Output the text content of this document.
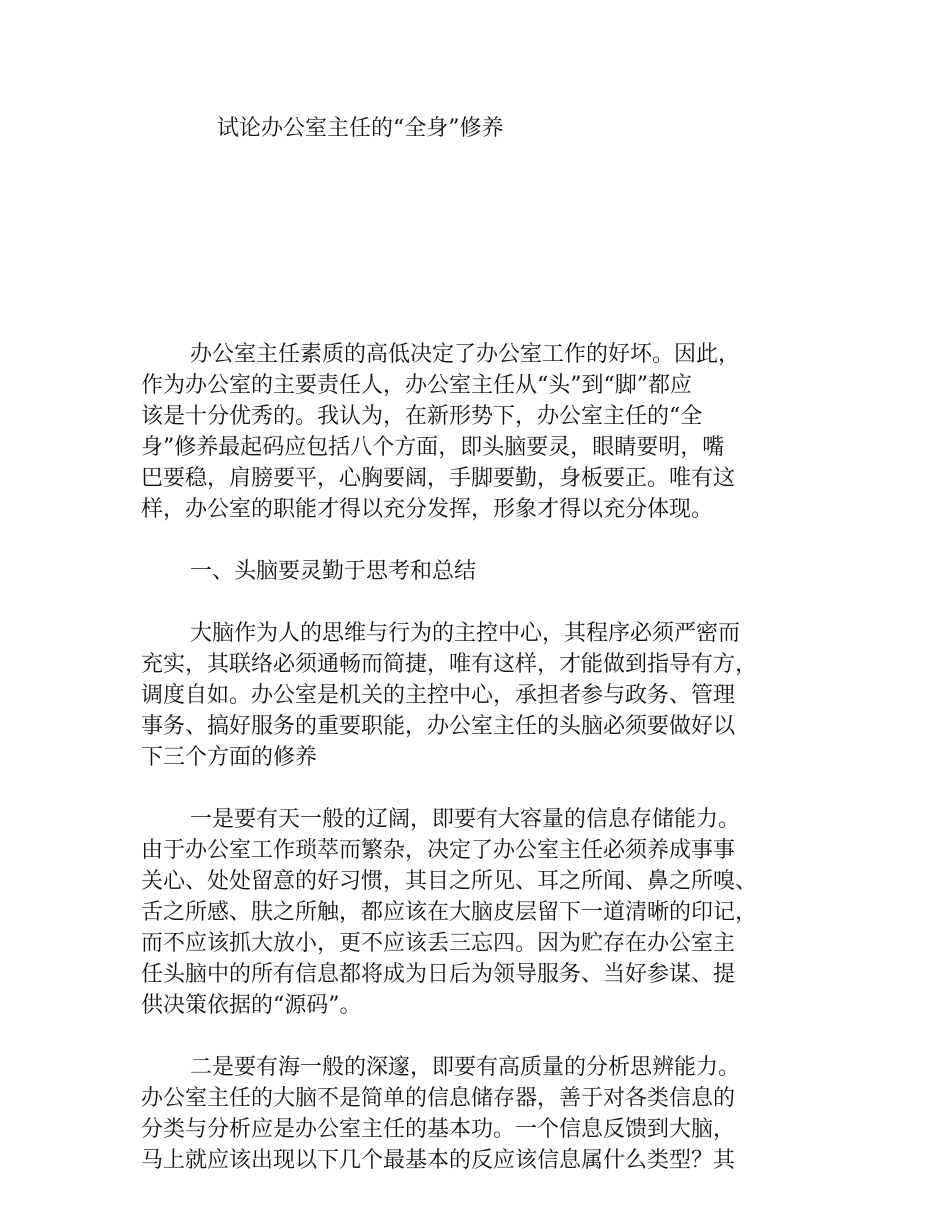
试论办公室主任的“全身”修养
办公室主任素质的高低决定了办公室工作的好坏。因此，
作为办公室的主要责任人，办公室主任从“头”到“脚”都应
该是十分优秀的。我认为，在新形势下，办公室主任的“全
身”修养最起码应包括八个方面，即头脑要灵，眼睛要明，嘴
巴要稳，肩膀要平，心胸要阔，手脚要勤，身板要正。唯有这
样，办公室的职能才得以充分发挥，形象才得以充分体现。
一、头脑要灵勤于思考和总结
大脑作为人的思维与行为的主控中心，其程序必须严密而
充实，其联络必须通畅而简捷，唯有这样，才能做到指导有方，
调度自如。办公室是机关的主控中心，承担者参与政务、管理
事务、搞好服务的重要职能，办公室主任的头脑必须要做好以
下三个方面的修养
一是要有天一般的辽阔，即要有大容量的信息存储能力。
由于办公室工作琐萃而繁杂，决定了办公室主任必须养成事事
关心、处处留意的好习惯，其目之所见、耳之所闻、鼻之所嗅、
舌之所感、肤之所触，都应该在大脑皮层留下一道清晰的印记，
而不应该抓大放小，更不应该丢三忘四。因为贮存在办公室主
任头脑中的所有信息都将成为日后为领导服务、当好参谋、提
供决策依据的“源码”。
二是要有海一般的深邃，即要有高质量的分析思辨能力。
办公室主任的大脑不是简单的信息储存器，善于对各类信息的
分类与分析应是办公室主任的基本功。一个信息反馈到大脑，
马上就应该出现以下几个最基本的反应该信息属什么类型？其
